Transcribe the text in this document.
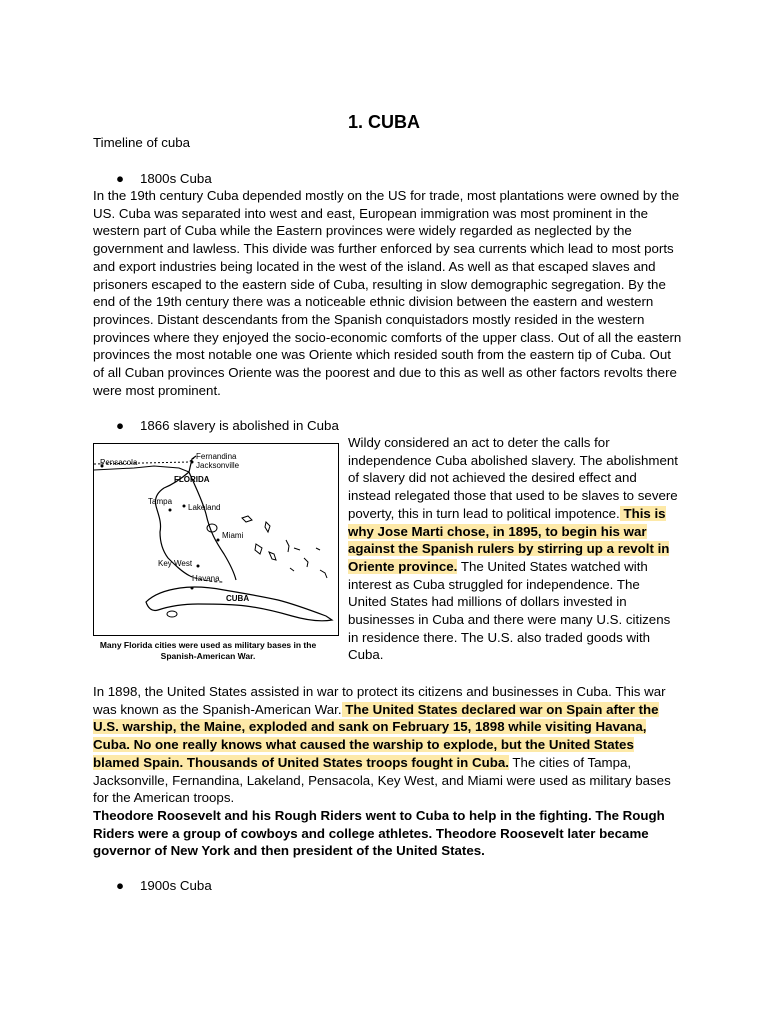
1. CUBA

Timeline of cuba

● 1800s Cuba

In the 19th century Cuba depended mostly on the US for trade, most plantations were owned by the US. Cuba was separated into west and east, European immigration was most prominent in the western part of Cuba while the Eastern provinces were widely regarded as neglected by the government and lawless. This divide was further enforced by sea currents which lead to most ports and export industries being located in the west of the island. As well as that escaped slaves and prisoners escaped to the eastern side of Cuba, resulting in slow demographic segregation. By the end of the 19th century there was a noticeable ethnic division between the eastern and western provinces. Distant descendants from the Spanish conquistadors mostly resided in the western provinces where they enjoyed the socio-economic comforts of the upper class. Out of all the eastern provinces the most notable one was Oriente which resided south from the eastern tip of Cuba. Out of all Cuban provinces Oriente was the poorest and due to this as well as other factors revolts there were most prominent.

● 1866 slavery is abolished in Cuba
Fernandina
Jacksonville
Pensacola
FLORIDA
Tampa
Lakeland
Miami
Key West
Havana
CUBA
Many Florida cities were used as military bases in the Spanish-American War.

Wildy considered an act to deter the calls for independence Cuba abolished slavery. The abolishment of slavery did not achieved the desired effect and instead relegated those that used to be slaves to severe poverty, this in turn lead to political impotence. This is why Jose Marti chose, in 1895, to begin his war against the Spanish rulers by stirring up a revolt in Oriente province. The United States watched with interest as Cuba struggled for independence. The United States had millions of dollars invested in businesses in Cuba and there were many U.S. citizens in residence there. The U.S. also traded goods with Cuba.

In 1898, the United States assisted in war to protect its citizens and businesses in Cuba. This war was known as the Spanish-American War. The United States declared war on Spain after the U.S. warship, the Maine, exploded and sank on February 15, 1898 while visiting Havana, Cuba. No one really knows what caused the warship to explode, but the United States blamed Spain. Thousands of United States troops fought in Cuba. The cities of Tampa, Jacksonville, Fernandina, Lakeland, Pensacola, Key West, and Miami were used as military bases for the American troops.

Theodore Roosevelt and his Rough Riders went to Cuba to help in the fighting. The Rough Riders were a group of cowboys and college athletes. Theodore Roosevelt later became governor of New York and then president of the United States.

● 1900s Cuba
